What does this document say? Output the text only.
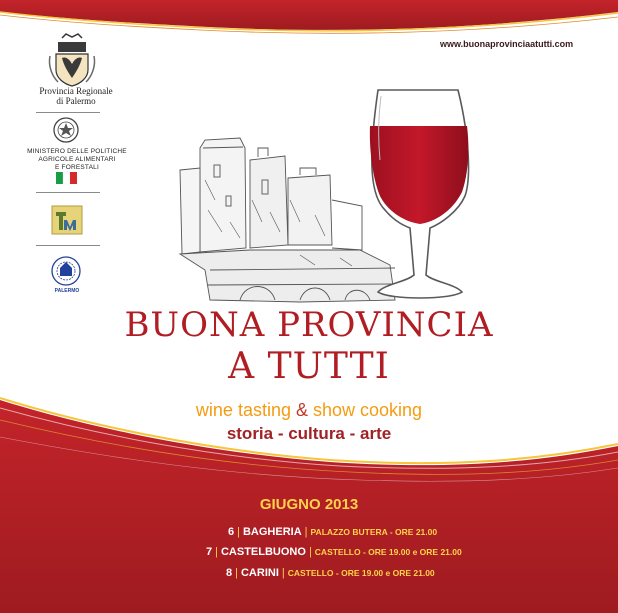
www.buonaprovinciaatutti.com
Provincia Regionale
di Palermo
MINISTERO DELLE POLITICHE
AGRICOLE ALIMENTARI
E FORESTALI
PALERMO
BUONA PROVINCIA
A TUTTI
wine tasting & show cooking
storia - cultura - arte
GIUGNO 2013
6 | BAGHERIA | PALAZZO BUTERA - ORE 21.00
7 | CASTELBUONO | CASTELLO - ORE 19.00 e ORE 21.00
8 | CARINI | CASTELLO - ORE 19.00 e ORE 21.00
